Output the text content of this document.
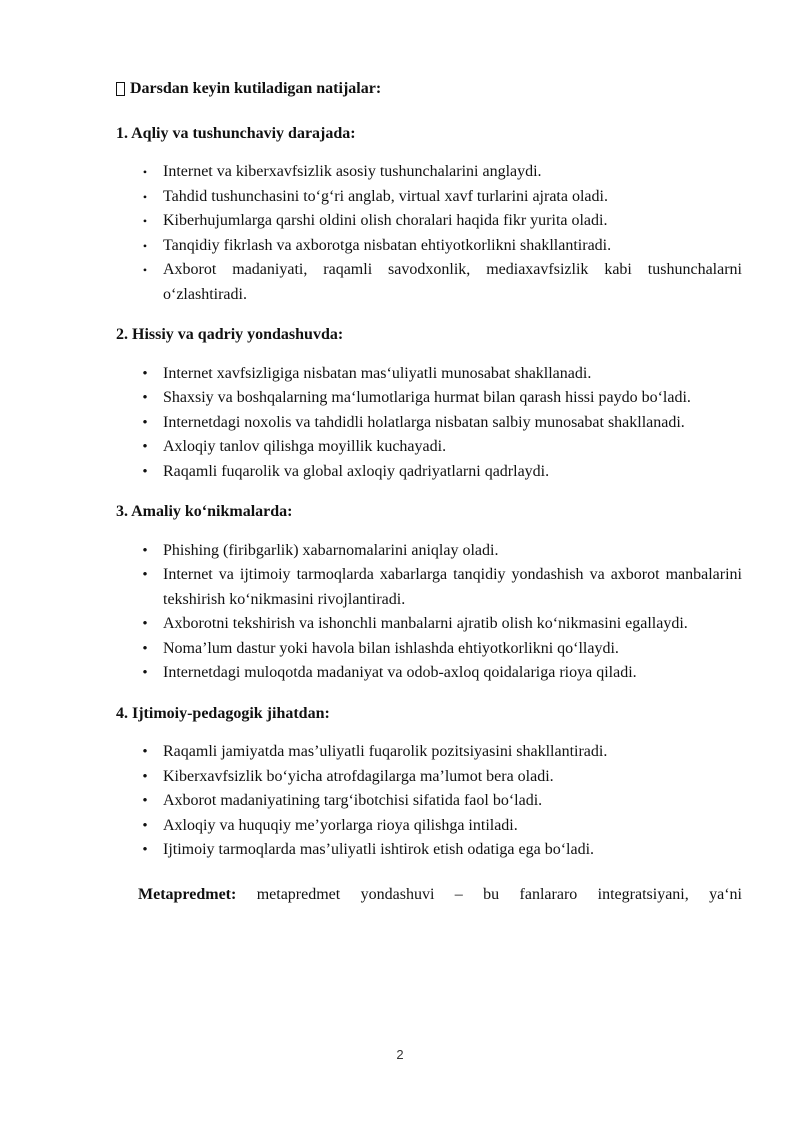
Darsdan keyin kutiladigan natijalar:

1. Aqliy va tushunchaviy darajada:

• Internet va kiberxavfsizlik asosiy tushunchalarini anglaydi.
• Tahdid tushunchasini to‘g‘ri anglab, virtual xavf turlarini ajrata oladi.
• Kiberhujumlarga qarshi oldini olish choralari haqida fikr yurita oladi.
• Tanqidiy fikrlash va axborotga nisbatan ehtiyotkorlikni shakllantiradi.
• Axborot madaniyati, raqamli savodxonlik, mediaxavfsizlik kabi tushunchalarni o‘zlashtiradi.

2. Hissiy va qadriy yondashuvda:

• Internet xavfsizligiga nisbatan mas‘uliyatli munosabat shakllanadi.
• Shaxsiy va boshqalarning ma‘lumotlariga hurmat bilan qarash hissi paydo bo‘ladi.
• Internetdagi noxolis va tahdidli holatlarga nisbatan salbiy munosabat shakllanadi.
• Axloqiy tanlov qilishga moyillik kuchayadi.
• Raqamli fuqarolik va global axloqiy qadriyatlarni qadrlaydi.

3. Amaliy ko‘nikmalarda:

• Phishing (firibgarlik) xabarnomalarini aniqlay oladi.
• Internet va ijtimoiy tarmoqlarda xabarlarga tanqidiy yondashish va axborot manbalarini tekshirish ko‘nikmasini rivojlantiradi.
• Axborotni tekshirish va ishonchli manbalarni ajratib olish ko‘nikmasini egallaydi.
• Noma’lum dastur yoki havola bilan ishlashda ehtiyotkorlikni qo‘llaydi.
• Internetdagi muloqotda madaniyat va odob-axloq qoidalariga rioya qiladi.

4. Ijtimoiy-pedagogik jihatdan:

• Raqamli jamiyatda mas’uliyatli fuqarolik pozitsiyasini shakllantiradi.
• Kiberxavfsizlik bo‘yicha atrofdagilarga ma’lumot bera oladi.
• Axborot madaniyatining targ‘ibotchisi sifatida faol bo‘ladi.
• Axloqiy va huquqiy me’yorlarga rioya qilishga intiladi.
• Ijtimoiy tarmoqlarda mas’uliyatli ishtirok etish odatiga ega bo‘ladi.

Metapredmet: metapredmet yondashuvi – bu fanlararo integratsiyani, ya‘ni

2
